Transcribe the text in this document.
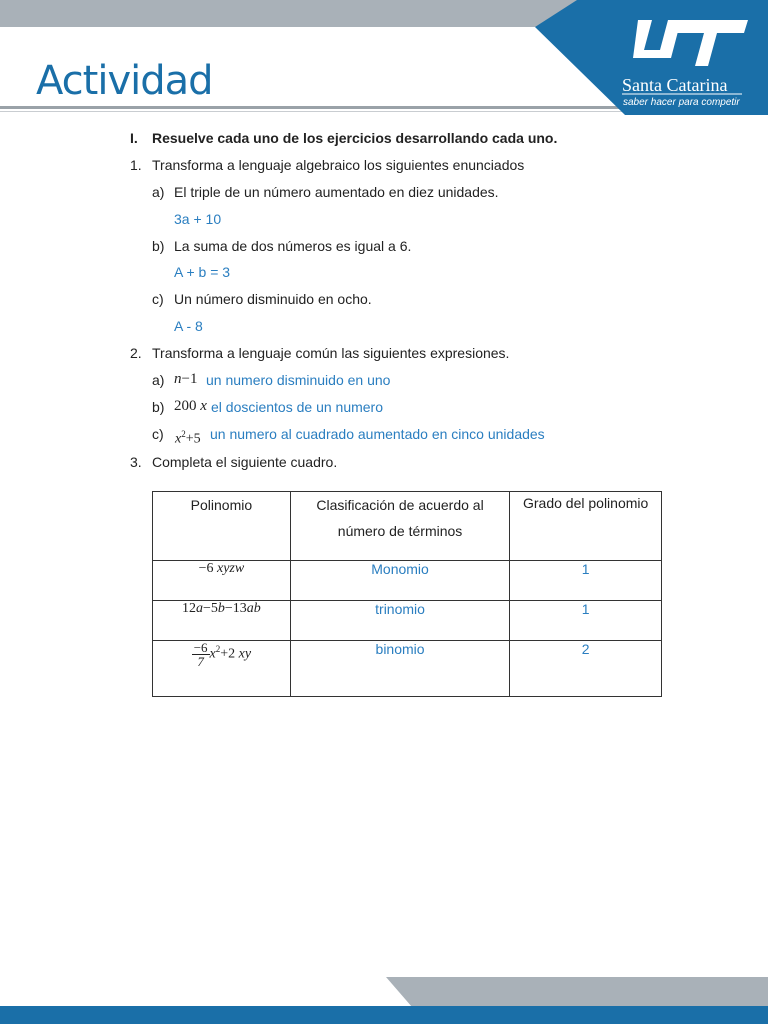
Actividad	Santa Catarina
saber hacer para competir
I. Resuelve cada uno de los ejercicios desarrollando cada uno.
1. Transforma a lenguaje algebraico los siguientes enunciados
a) El triple de un número aumentado en diez unidades.
3a + 10
b) La suma de dos números es igual a 6.
A + b = 3
c) Un número disminuido en ocho.
A - 8
2. Transforma a lenguaje común las siguientes expresiones.
a) n−1 un numero disminuido en uno
b) 200 x el doscientos de un numero
c) $x^2+5$ un numero al cuadrado aumentado en cinco unidades
3. Completa el siguiente cuadro.
Polinomio	Clasificación de acuerdo al número de términos	Grado del polinomio
−6 xyzw	Monomio	1
12a−5b−13ab	trinomio	1

$\frac{-6}{7} x^2+2$ xy	binomio	2
